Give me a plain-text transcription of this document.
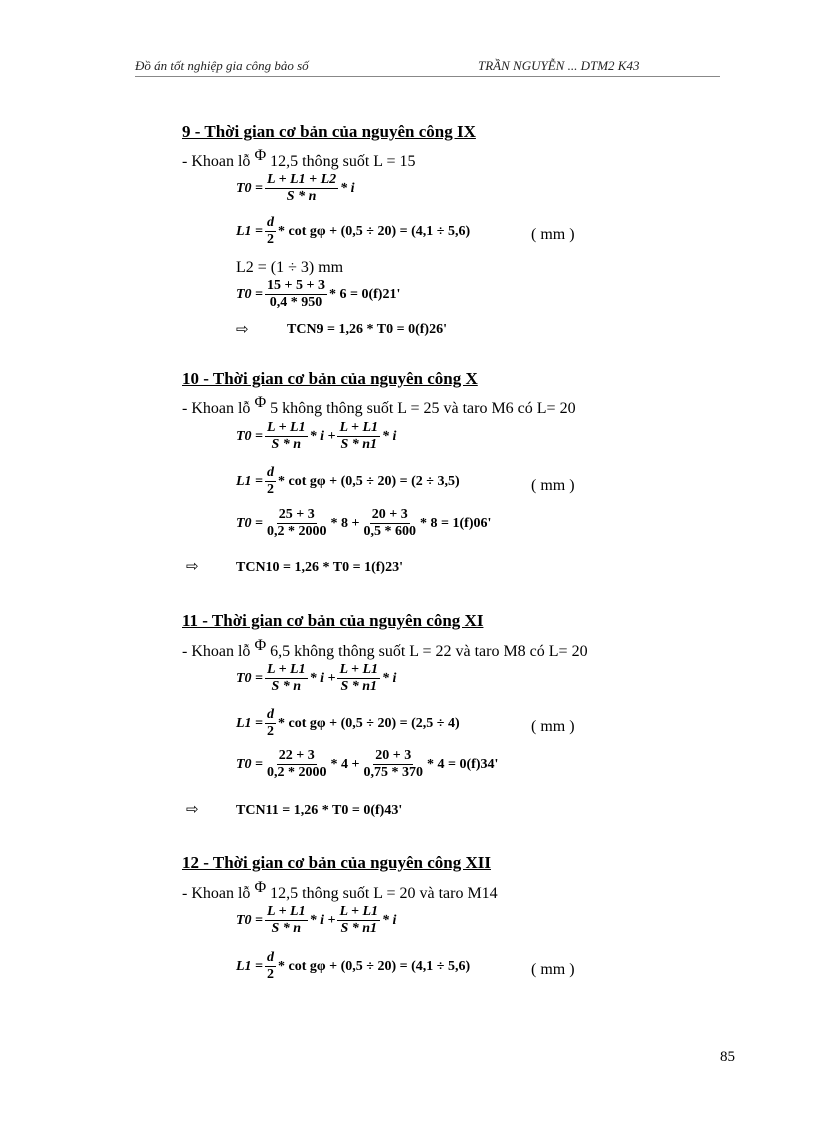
Đồ án tốt nghiệp gia công bảo số	TRẦN NGUYỄN ... DTM2 K43
9 - Thời gian cơ bản của nguyên công IX
- Khoan lỗ Φ 12,5 thông suốt L = 15
$T0 = \frac{L + L1 + L2}{S * n} * i$
$L1 = \frac{d}{2} * \cot g\varphi + (0,5 \div 20) = (4,1 \div 5,6)$	( mm )
L2 = (1 ÷ 3) mm
$T0 = \frac{15 + 5 + 3}{0,4 * 950} * 6 = 0(f)21'$
⇨	TCN9 = 1,26 * T0 = 0(f)26'
10 - Thời gian cơ bản của nguyên công X
- Khoan lỗ Φ 5 không thông suốt L = 25 và taro M6 có L= 20
$T0 = \frac{L + L1}{S * n} * i + \frac{L + L1}{S * n1} * i$
$L1 = \frac{d}{2} * \cot g\varphi + (0,5 \div 20) = (2 \div 3,5)$	( mm )
$T0 = \frac{25 + 3}{0,2 * 2000} * 8 + \frac{20 + 3}{0,5 * 600} * 8 = 1(f)06'$
⇨	TCN10 = 1,26 * T0 = 1(f)23'
11 - Thời gian cơ bản của nguyên công XI
- Khoan lỗ Φ 6,5 không thông suốt L = 22 và taro M8 có L= 20
$T0 = \frac{L + L1}{S * n} * i + \frac{L + L1}{S * n1} * i$
$L1 = \frac{d}{2} * \cot g\varphi + (0,5 \div 20) = (2,5 \div 4)$	( mm )
$T0 = \frac{22 + 3}{0,2 * 2000} * 4 + \frac{20 + 3}{0,75 * 370} * 4 = 0(f)34'$
⇨	TCN11 = 1,26 * T0 = 0(f)43'
12 - Thời gian cơ bản của nguyên công XII
- Khoan lỗ Φ 12,5 thông suốt L = 20 và taro M14
$T0 = \frac{L + L1}{S * n} * i + \frac{L + L1}{S * n1} * i$
$L1 = \frac{d}{2} * \cot g\varphi + (0,5 \div 20) = (4,1 \div 5,6)$	( mm )
85
